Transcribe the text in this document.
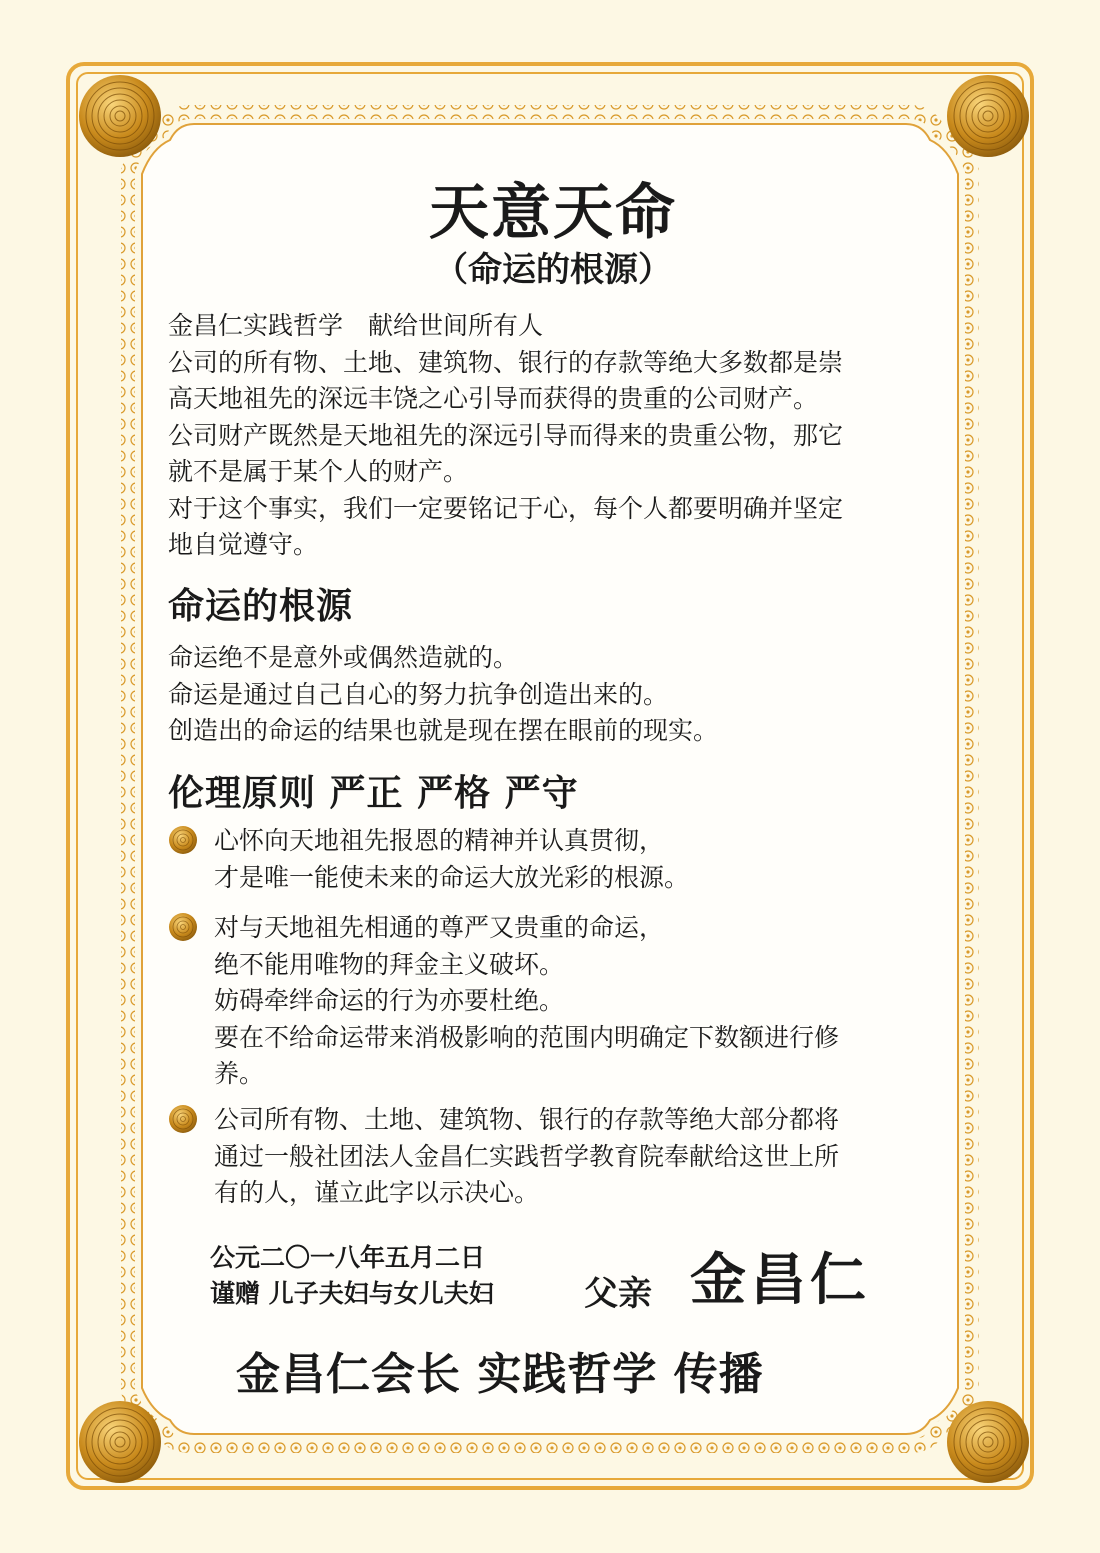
天意天命
（命运的根源）
金昌仁实践哲学　献给世间所有人
公司的所有物、土地、建筑物、银行的存款等绝大多数都是崇
高天地祖先的深远丰饶之心引导而获得的贵重的公司财产。
公司财产既然是天地祖先的深远引导而得来的贵重公物，那它
就不是属于某个人的财产。
对于这个事实，我们一定要铭记于心，每个人都要明确并坚定
地自觉遵守。
命运的根源
命运绝不是意外或偶然造就的。
命运是通过自己自心的努力抗争创造出来的。
创造出的命运的结果也就是现在摆在眼前的现实。
伦理原则 严正 严格 严守
心怀向天地祖先报恩的精神并认真贯彻，
才是唯一能使未来的命运大放光彩的根源。
对与天地祖先相通的尊严又贵重的命运，
绝不能用唯物的拜金主义破坏。
妨碍牵绊命运的行为亦要杜绝。
要在不给命运带来消极影响的范围内明确定下数额进行修
养。
公司所有物、土地、建筑物、银行的存款等绝大部分都将
通过一般社团法人金昌仁实践哲学教育院奉献给这世上所
有的人，谨立此字以示决心。
公元二〇一八年五月二日
谨赠 儿子夫妇与女儿夫妇	父亲 金昌仁
金昌仁会长 实践哲学 传播
